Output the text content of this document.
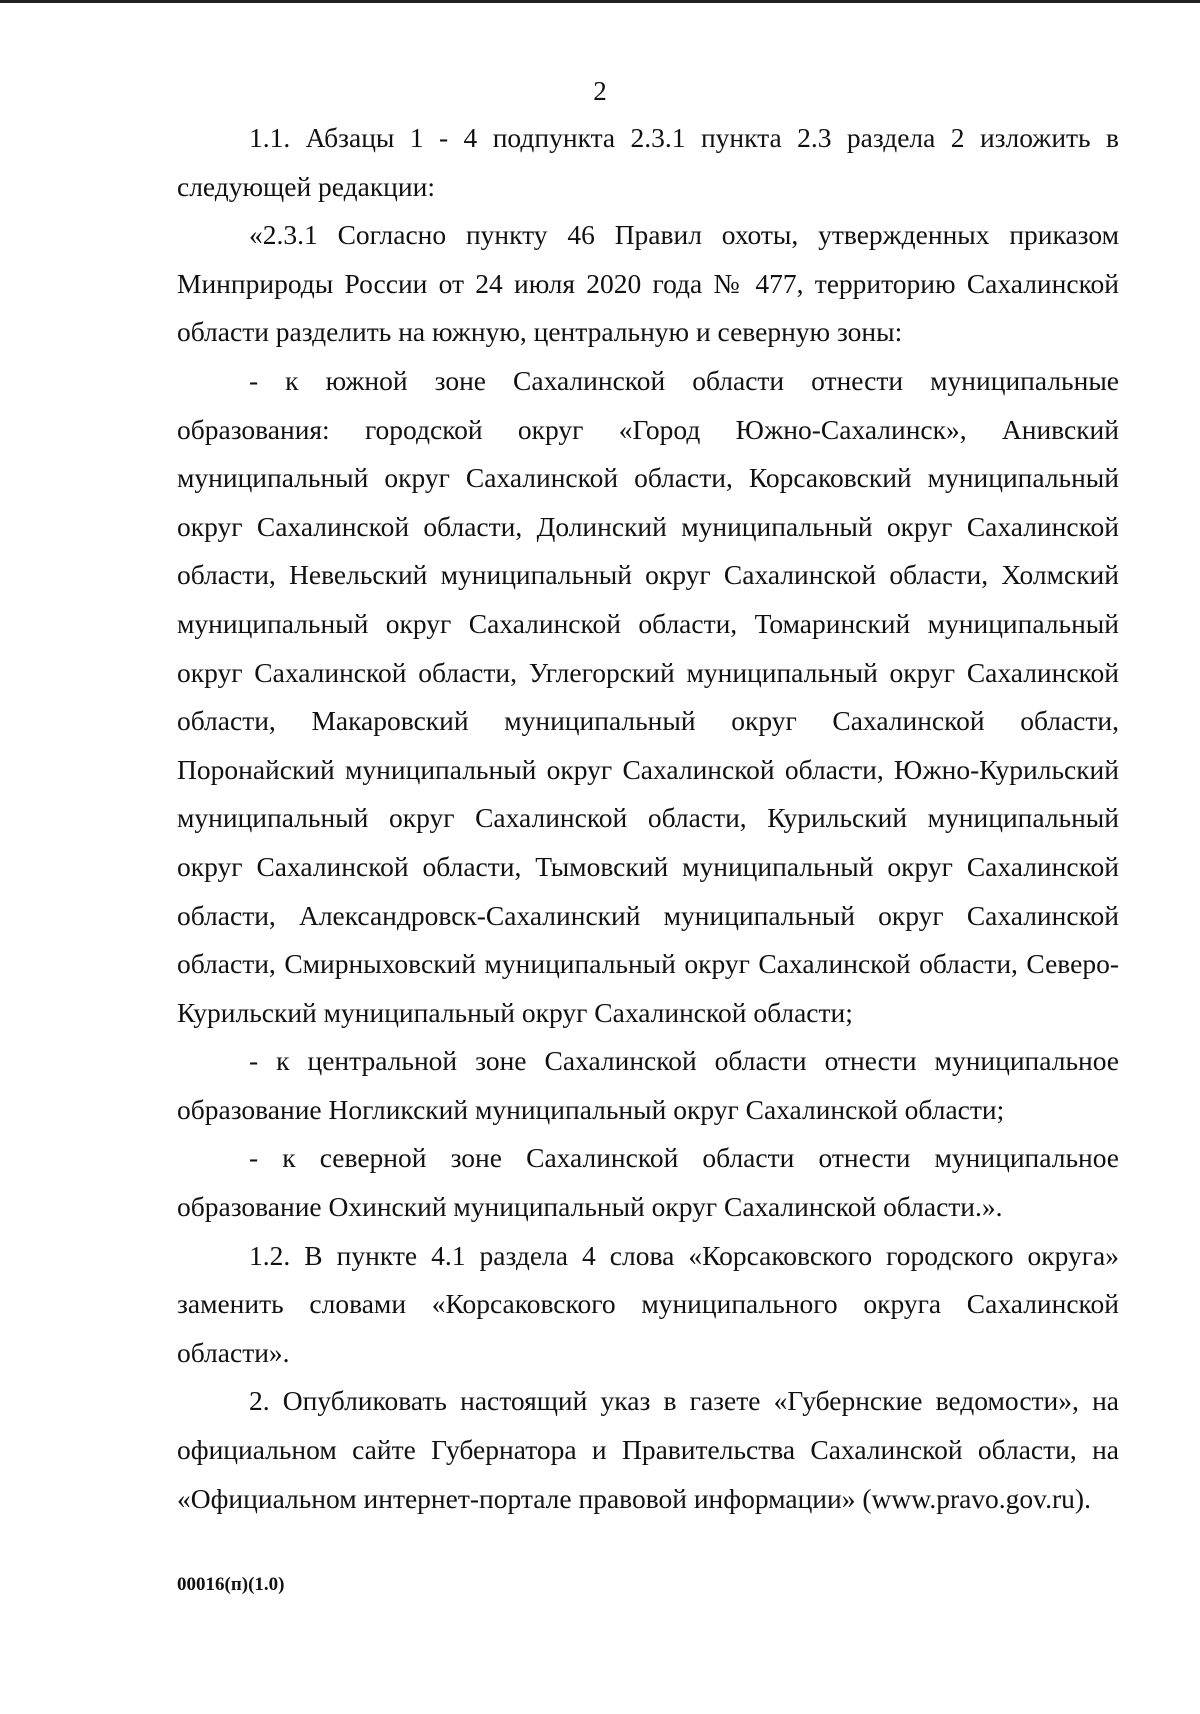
2

1.1. Абзацы 1 - 4 подпункта 2.3.1 пункта 2.3 раздела 2 изложить в следующей редакции:

«2.3.1 Согласно пункту 46 Правил охоты, утвержденных приказом Минприроды России от 24 июля 2020 года № 477, территорию Сахалинской области разделить на южную, центральную и северную зоны:

- к южной зоне Сахалинской области отнести муниципальные образования: городской округ «Город Южно-Сахалинск», Анивский муниципальный округ Сахалинской области, Корсаковский муниципальный округ Сахалинской области, Долинский муниципальный округ Сахалинской области, Невельский муниципальный округ Сахалинской области, Холмский муниципальный округ Сахалинской области, Томаринский муниципальный округ Сахалинской области, Углегорский муниципальный округ Сахалинской области, Макаровский муниципальный округ Сахалинской области, Поронайский муниципальный округ Сахалинской области, Южно-Курильский муниципальный округ Сахалинской области, Курильский муниципальный округ Сахалинской области, Тымовский муниципальный округ Сахалинской области, Александровск-Сахалинский муниципальный округ Сахалинской области, Смирныховский муниципальный округ Сахалинской области, Северо-Курильский муниципальный округ Сахалинской области;

- к центральной зоне Сахалинской области отнести муниципальное образование Ногликский муниципальный округ Сахалинской области;

- к северной зоне Сахалинской области отнести муниципальное образование Охинский муниципальный округ Сахалинской области.».

1.2. В пункте 4.1 раздела 4 слова «Корсаковского городского округа» заменить словами «Корсаковского муниципального округа Сахалинской области».

2. Опубликовать настоящий указ в газете «Губернские ведомости», на официальном сайте Губернатора и Правительства Сахалинской области, на «Официальном интернет-портале правовой информации» (www.pravo.gov.ru).

00016(п)(1.0)
